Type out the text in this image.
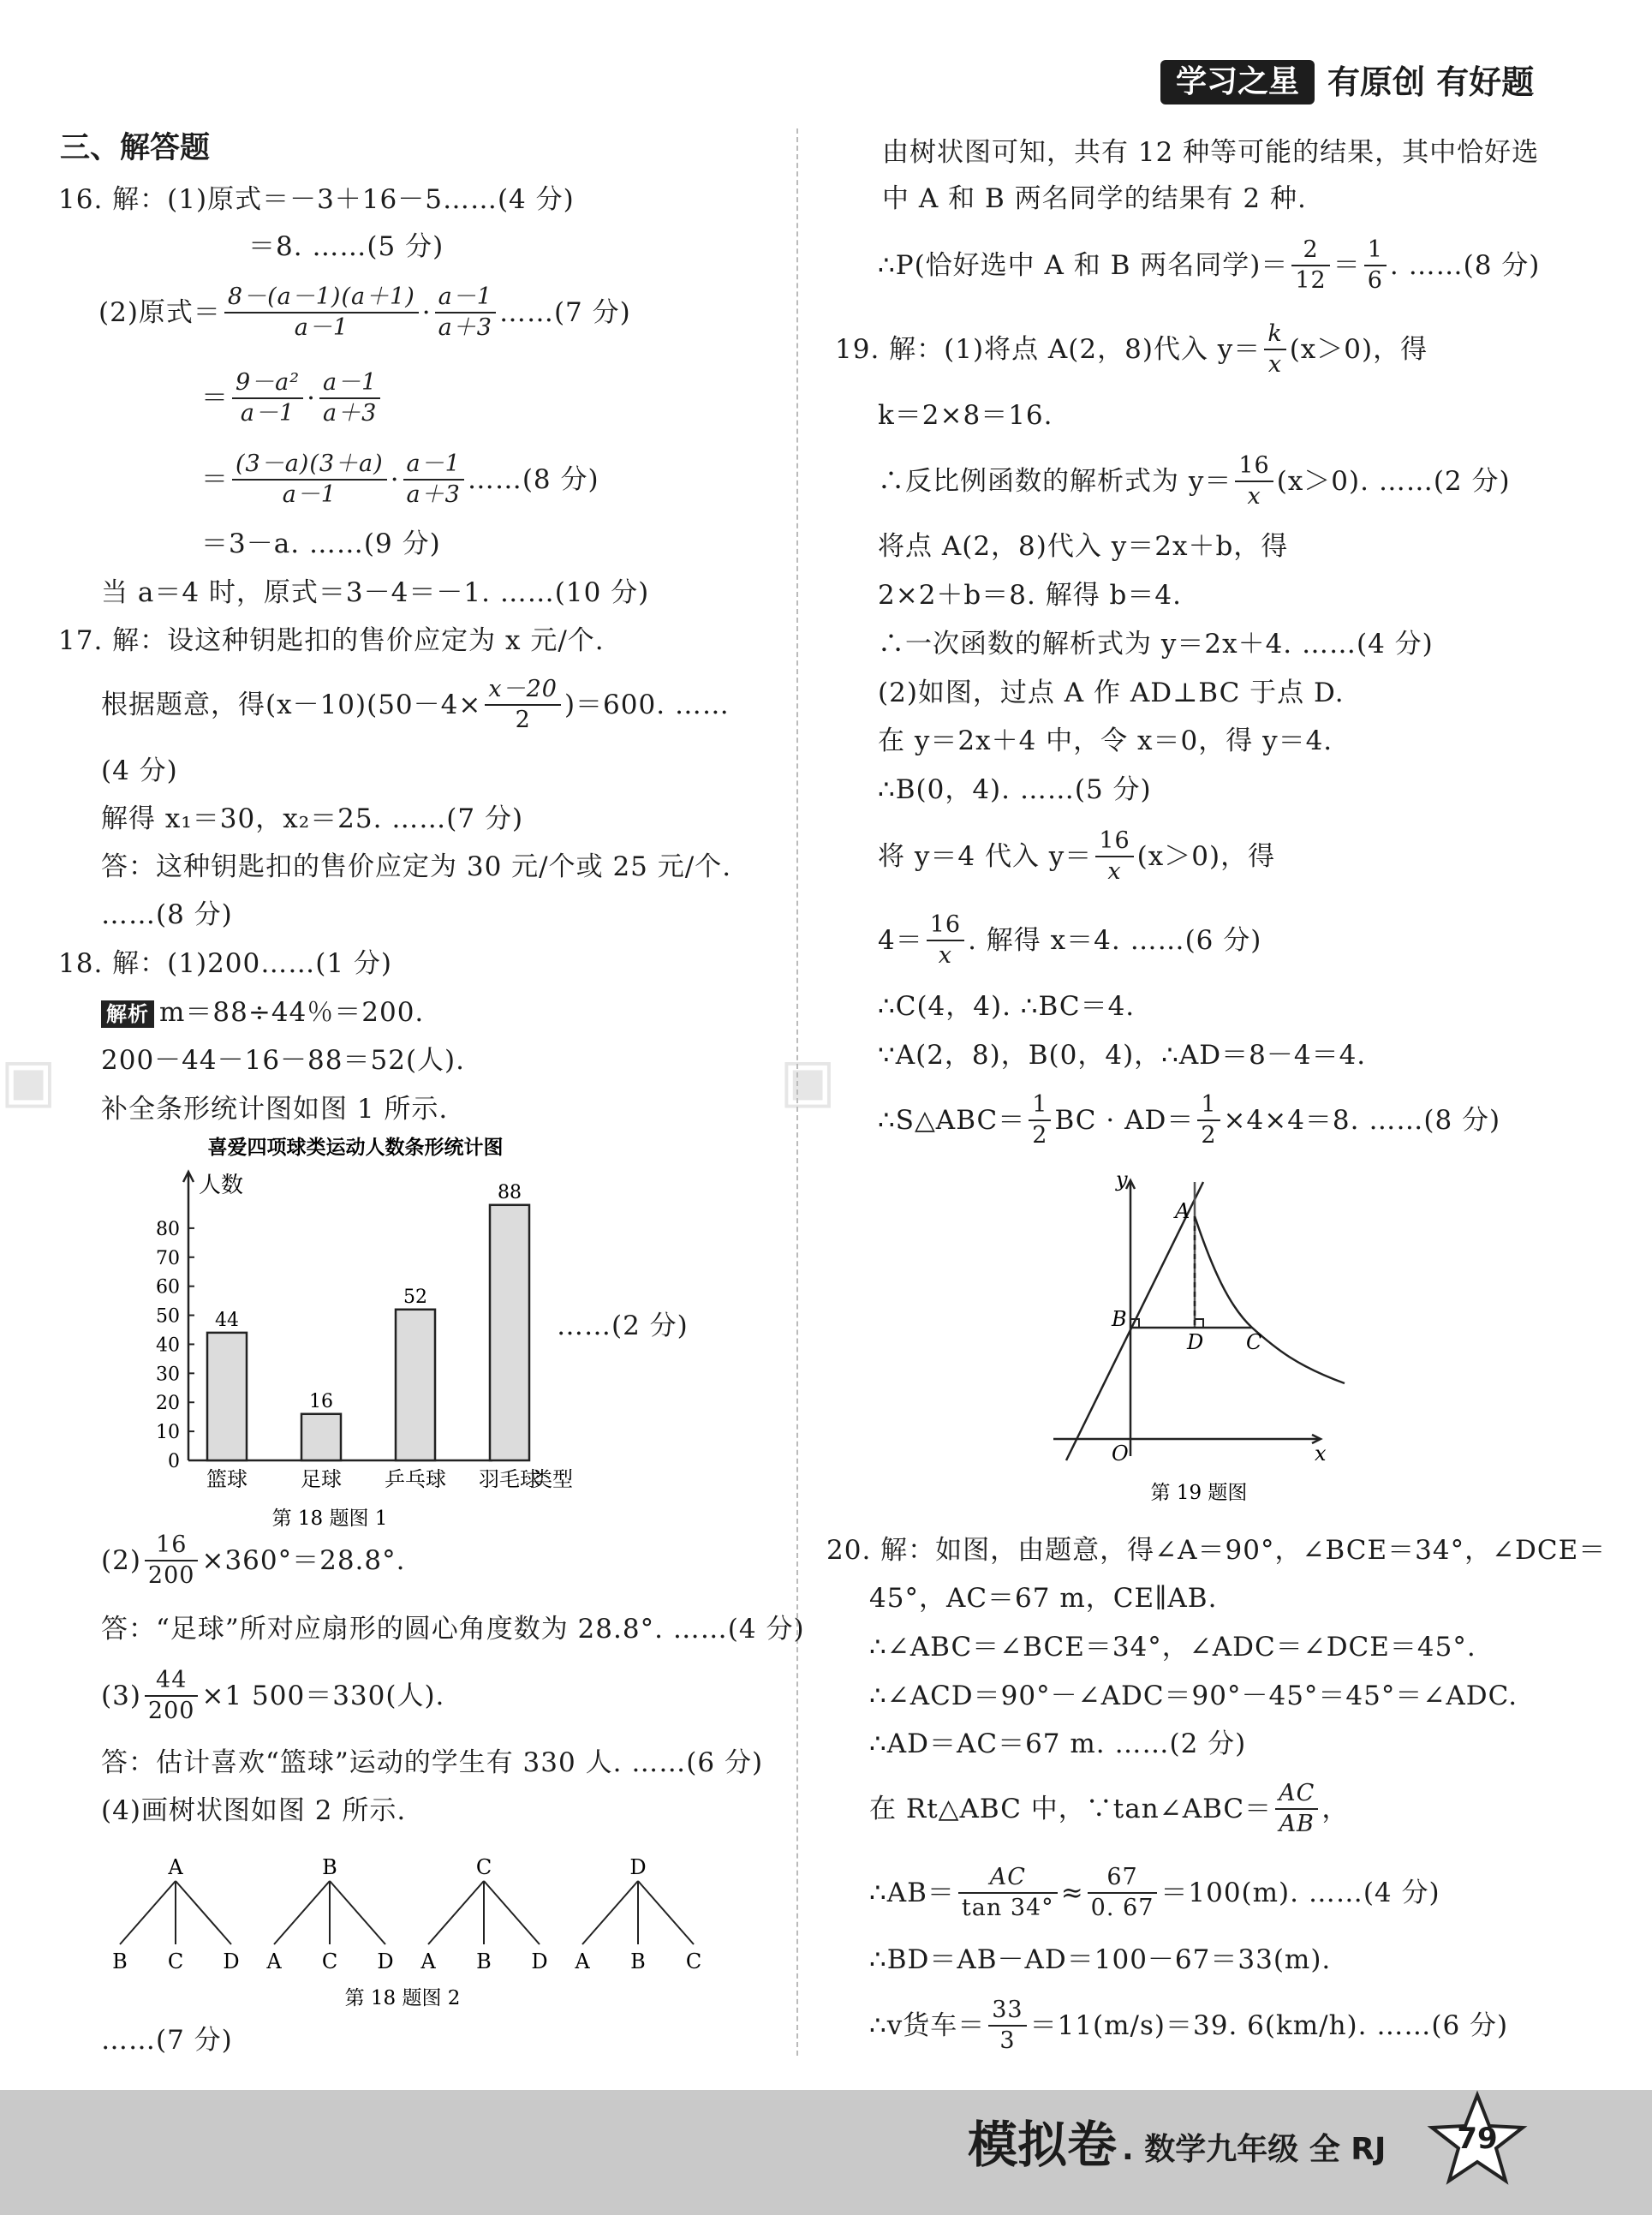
▣	▣
学习之星 有原创 有好题
三、解答题
16. 解：(1)原式＝－3＋16－5……(4 分)
＝8. ……(5 分)
(2)原式＝ $\frac{8-(a-1)(a+1)}{a-1} \cdot \frac{a-1}{a+3}$ ……(7 分)
＝ $\frac{\text{9－a²}}{a-1} \cdot \frac{a-1}{a+3}$
＝ $\frac{(3-a)(3+a)}{a-1} \cdot \frac{a-1}{a+3}$ ……(8 分)
＝3－a. ……(9 分)
当 a＝4 时，原式＝3－4＝－1. ……(10 分)
17. 解：设这种钥匙扣的售价应定为 x 元/个.
根据题意，得$(x-10)(50-4\times \frac{x-20}{2} )=600$. ……
(4 分)
解得 x₁＝30，x₂＝25. ……(7 分)
答：这种钥匙扣的售价应定为 30 元/个或 25 元/个.
……(8 分)
18. 解：(1)200……(1 分)
解析 m＝88÷44％＝200.
200－44－16－88＝52(人).
补全条形统计图如图 1 所示.
喜爱四项球类运动人数条形统计图
人数
类型
0
10
20
30
40
50
60
70
80
第 18 题图 1
44
篮球
16
足球
52
乒乓球
88
羽毛球
……(2 分)
$(2) \frac{16}{200} \times 360^\circ=28.8^\circ$.
答：“足球”所对应扇形的圆心角度数为 28.8°. ……(4 分)
$(3) \frac{44}{200} \times 1$ 500＝330(人).
答：估计喜欢“篮球”运动的学生有 330 人. ……(6 分)
(4)画树状图如图 2 所示.
A
B C D
B
A C D
C
A B D
D
A B C
第 18 题图 2
……(7 分)
由树状图可知，共有 12 种等可能的结果，其中恰好选
中 A 和 B 两名同学的结果有 2 种.
∴P(恰好选中 A 和 B 两名同学)＝ $\frac{2}{12} = \frac{1}{6}$ . ……(8 分)
19. 解：(1)将点 A(2，8)代入 $y= \frac{k}{x} (x>0)$，得
k＝2×8＝16.
∴反比例函数的解析式为 $y= \frac{16}{x} (x>0)$. ……(2 分)
将点 A(2，8)代入 y＝2x＋b，得
2×2＋b＝8. 解得 b＝4.
∴一次函数的解析式为 y＝2x＋4. ……(4 分)
(2)如图，过点 A 作 AD⊥BC 于点 D.
在 y＝2x＋4 中，令 x＝0，得 y＝4.
∴B(0，4). ……(5 分)
将 y＝4 代入 $y= \frac{16}{x} (x>0)$，得
$4= \frac{16}{x}$ . 解得 x＝4. ……(6 分)
∴C(4，4). ∴BC＝4.
∵A(2，8)，B(0，4)，∴AD＝8－4＝4.
∴S△ABC＝ $\frac{1}{2}$ BC · $AD= \frac{1}{2} \times 4\times 4=8$. ……(8 分)
y
x
O
A
B
D C
第 19 题图
20. 解：如图，由题意，得∠A＝90°，∠BCE＝34°，∠DCE＝
45°，AC＝67 m，CE∥AB.
∴∠ABC＝∠BCE＝34°，∠ADC＝∠DCE＝45°.
∴∠ACD＝90°－∠ADC＝90°－45°＝45°＝∠ADC.
∴AD＝AC＝67 m. ……(2 分)
在 Rt△ABC 中，∵tan∠ABC＝ $\frac{AC}{AB}$ ，
∴AB＝ $\frac{AC}{\tan 34^\circ} \approx \frac{67}{0. 67} =100(m)$. ……(4 分)
∴BD＝AB－AD＝100－67＝33(m).
∴v货车＝ $\frac{33}{3} =11(m/s)=39$. 6(km/h). ……(6 分)
模拟卷 . 数学九年级 全 RJ	79
